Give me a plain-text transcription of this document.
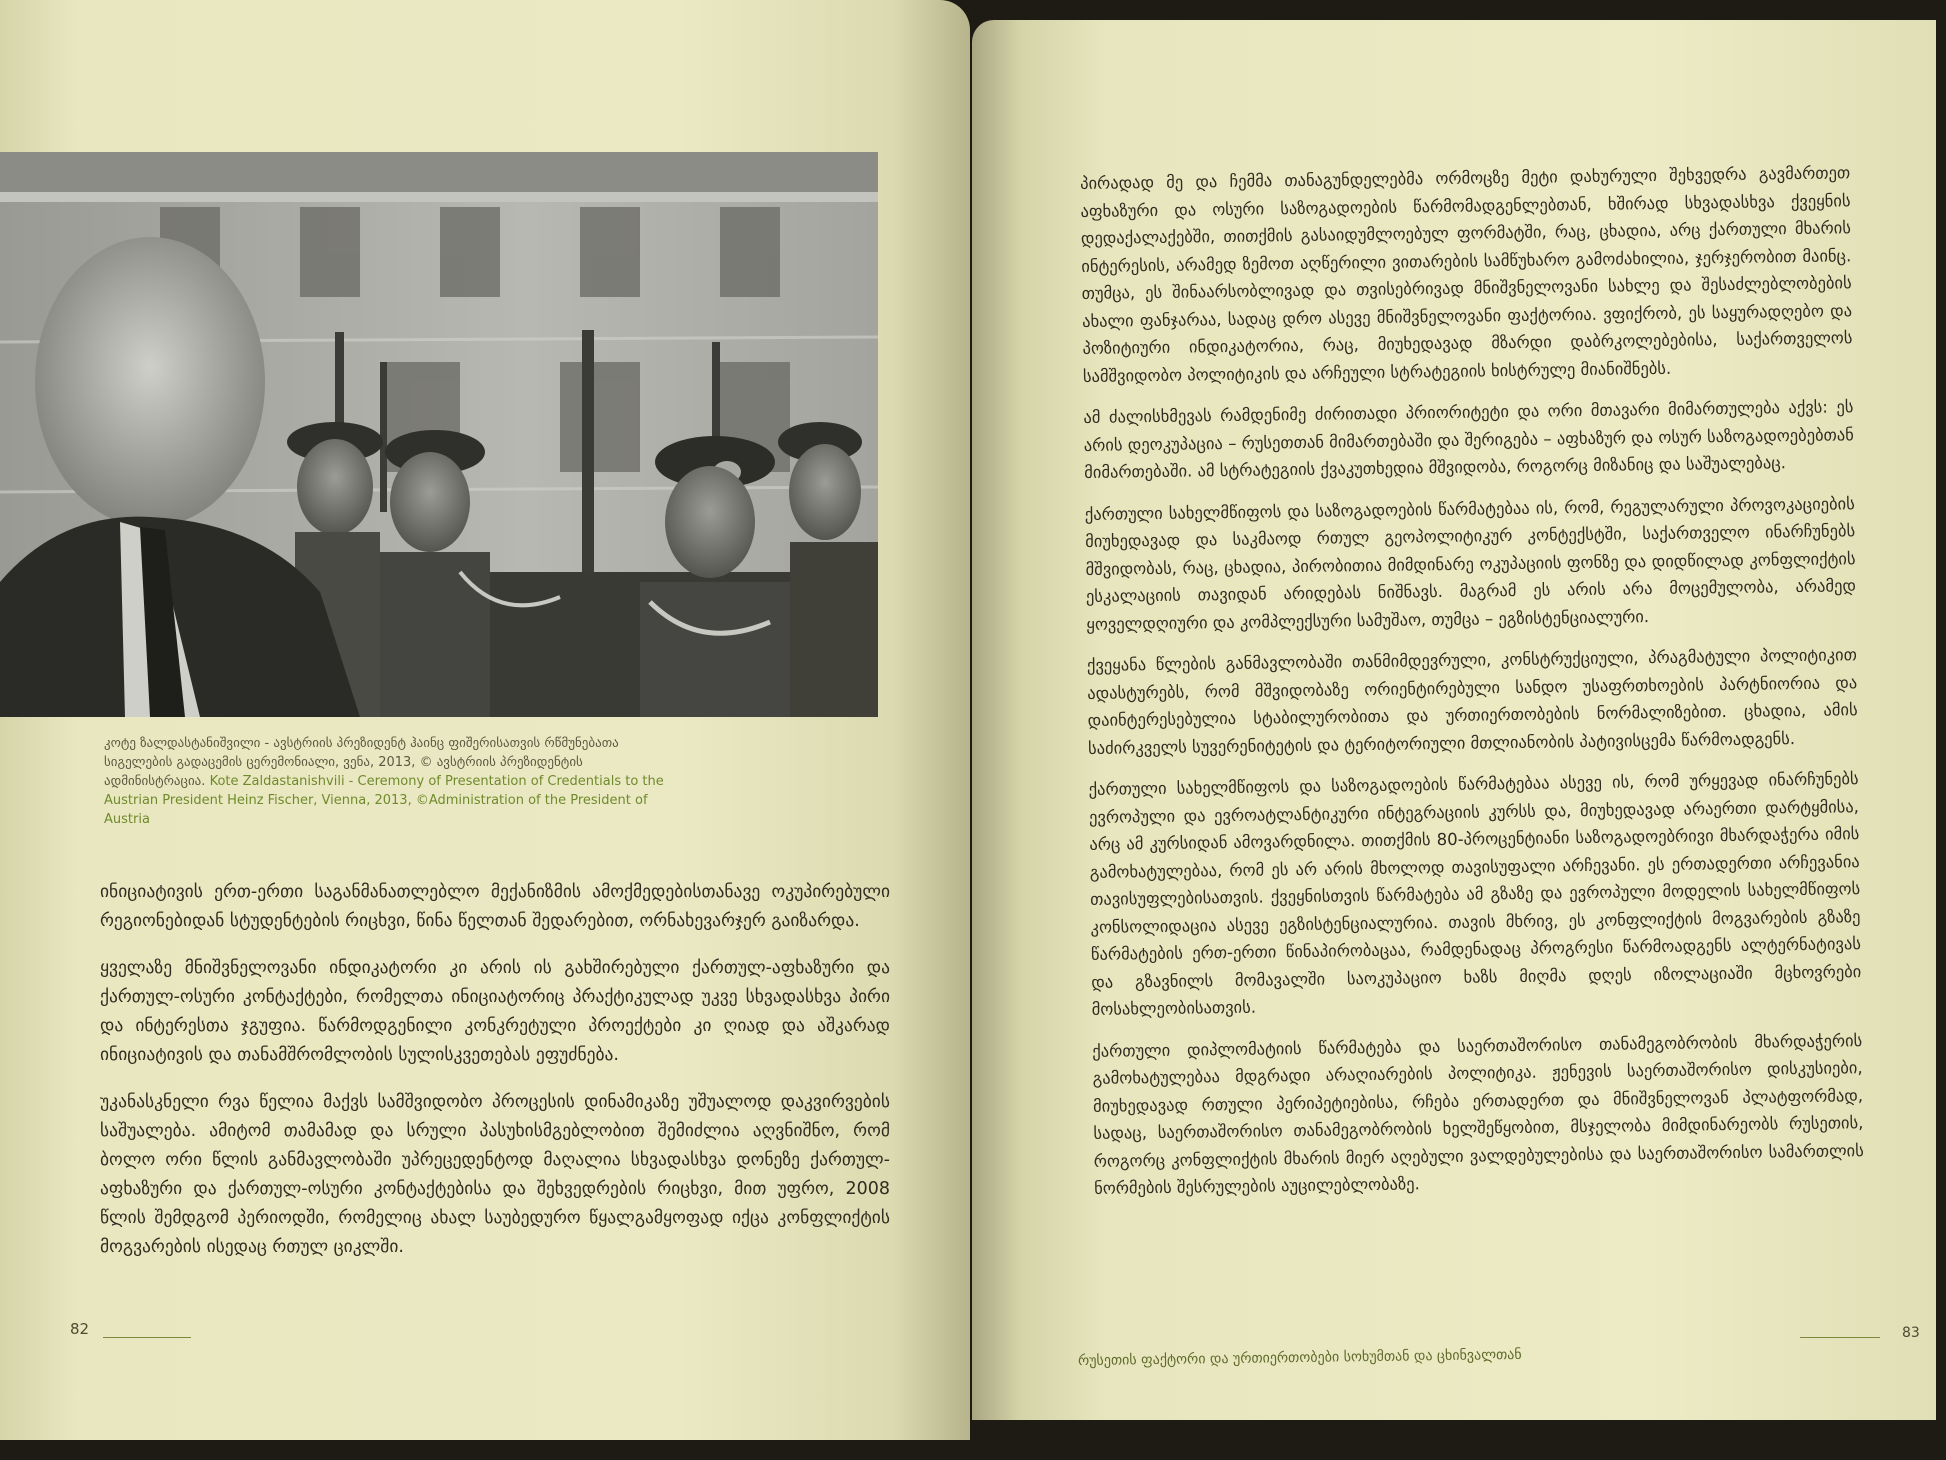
კოტე ზალდასტანიშვილი - ავსტრიის პრეზიდენტ ჰაინც ფიშერისათვის რწმუნებათა სიგელების გადაცემის ცერემონიალი, ვენა, 2013, © ავსტრიის პრეზიდენტის ადმინისტრაცია. Kote Zaldastanishvili - Ceremony of Presentation of Credentials to the Austrian President Heinz Fischer, Vienna, 2013, ©Administration of the President of Austria

ინიციატივის ერთ-ერთი საგანმანათლებლო მექანიზმის ამოქმედებისთანავე ოკუპირებული რეგიონებიდან სტუდენტების რიცხვი, წინა წელთან შედარებით, ორნახევარჯერ გაიზარდა.

ყველაზე მნიშვნელოვანი ინდიკატორი კი არის ის გახშირებული ქართულ-აფხაზური და ქართულ-ოსური კონტაქტები, რომელთა ინიციატორიც პრაქტიკულად უკვე სხვადასხვა პირი და ინტერესთა ჯგუფია. წარმოდგენილი კონკრეტული პროექტები კი ღიად და აშკარად ინიციატივის და თანამშრომლობის სულისკვეთებას ეფუძნება.

უკანასკნელი რვა წელია მაქვს სამშვიდობო პროცესის დინამიკაზე უშუალოდ დაკვირვების საშუალება. ამიტომ თამამად და სრული პასუხისმგებლობით შემიძლია აღვნიშნო, რომ ბოლო ორი წლის განმავლობაში უპრეცედენტოდ მაღალია სხვადასხვა დონეზე ქართულ-აფხაზური და ქართულ-ოსური კონტაქტებისა და შეხვედრების რიცხვი, მით უფრო, 2008 წლის შემდგომ პერიოდში, რომელიც ახალ საუბედურო წყალგამყოფად იქცა კონფლიქტის მოგვარების ისედაც რთულ ციკლში.

82

პირადად მე და ჩემმა თანაგუნდელებმა ორმოცზე მეტი დახურული შეხვედრა გავმართეთ აფხაზური და ოსური საზოგადოების წარმომადგენლებთან, ხშირად სხვადასხვა ქვეყნის დედაქალაქებში, თითქმის გასაიდუმლოებულ ფორმატში, რაც, ცხადია, არც ქართული მხარის ინტერესის, არამედ ზემოთ აღწერილი ვითარების სამწუხარო გამოძახილია, ჯერჯერობით მაინც. თუმცა, ეს შინაარსობლივად და თვისებრივად მნიშვნელოვანი სახლე და შესაძლებლობების ახალი ფანჯარაა, სადაც დრო ასევე მნიშვნელოვანი ფაქტორია. ვფიქრობ, ეს საყურადღებო და პოზიტიური ინდიკატორია, რაც, მიუხედავად მზარდი დაბრკოლებებისა, საქართველოს სამშვიდობო პოლიტიკის და არჩეული სტრატეგიის ხისტრულე მიანიშნებს.

ამ ძალისხმევას რამდენიმე ძირითადი პრიორიტეტი და ორი მთავარი მიმართულება აქვს: ეს არის დეოკუპაცია – რუსეთთან მიმართებაში და შერიგება – აფხაზურ და ოსურ საზოგადოებებთან მიმართებაში. ამ სტრატეგიის ქვაკუთხედია მშვიდობა, როგორც მიზანიც და საშუალებაც.

ქართული სახელმწიფოს და საზოგადოების წარმატებაა ის, რომ, რეგულარული პროვოკაციების მიუხედავად და საკმაოდ რთულ გეოპოლიტიკურ კონტექსტში, საქართველო ინარჩუნებს მშვიდობას, რაც, ცხადია, პირობითია მიმდინარე ოკუპაციის ფონზე და დიდწილად კონფლიქტის ესკალაციის თავიდან არიდებას ნიშნავს. მაგრამ ეს არის არა მოცემულობა, არამედ ყოველდღიური და კომპლექსური სამუშაო, თუმცა – ეგზისტენციალური.

ქვეყანა წლების განმავლობაში თანმიმდევრული, კონსტრუქციული, პრაგმატული პოლიტიკით ადასტურებს, რომ მშვიდობაზე ორიენტირებული სანდო უსაფრთხოების პარტნიორია და დაინტერესებულია სტაბილურობითა და ურთიერთობების ნორმალიზებით. ცხადია, ამის საძირკველს სუვერენიტეტის და ტერიტორიული მთლიანობის პატივისცემა წარმოადგენს.

ქართული სახელმწიფოს და საზოგადოების წარმატებაა ასევე ის, რომ ურყევად ინარჩუნებს ევროპული და ევროატლანტიკური ინტეგრაციის კურსს და, მიუხედავად არაერთი დარტყმისა, არც ამ კურსიდან ამოვარდნილა. თითქმის 80-პროცენტიანი საზოგადოებრივი მხარდაჭერა იმის გამოხატულებაა, რომ ეს არ არის მხოლოდ თავისუფალი არჩევანი. ეს ერთადერთი არჩევანია თავისუფლებისათვის. ქვეყნისთვის წარმატება ამ გზაზე და ევროპული მოდელის სახელმწიფოს კონსოლიდაცია ასევე ეგზისტენციალურია. თავის მხრივ, ეს კონფლიქტის მოგვარების გზაზე წარმატების ერთ-ერთი წინაპირობაცაა, რამდენადაც პროგრესი წარმოადგენს ალტერნატივას და გზავნილს მომავალში საოკუპაციო ხაზს მიღმა დღეს იზოლაციაში მცხოვრები მოსახლეობისათვის.

ქართული დიპლომატიის წარმატება და საერთაშორისო თანამეგობრობის მხარდაჭერის გამოხატულებაა მდგრადი არაღიარების პოლიტიკა. ჟენევის საერთაშორისო დისკუსიები, მიუხედავად რთული პერიპეტიებისა, რჩება ერთადერთ და მნიშვნელოვან პლატფორმად, სადაც, საერთაშორისო თანამეგობრობის ხელშეწყობით, მსჯელობა მიმდინარეობს რუსეთის, როგორც კონფლიქტის მხარის მიერ აღებული ვალდებულებისა და საერთაშორისო სამართლის ნორმების შესრულების აუცილებლობაზე.

რუსეთის ფაქტორი და ურთიერთობები სოხუმთან და ცხინვალთან
83
